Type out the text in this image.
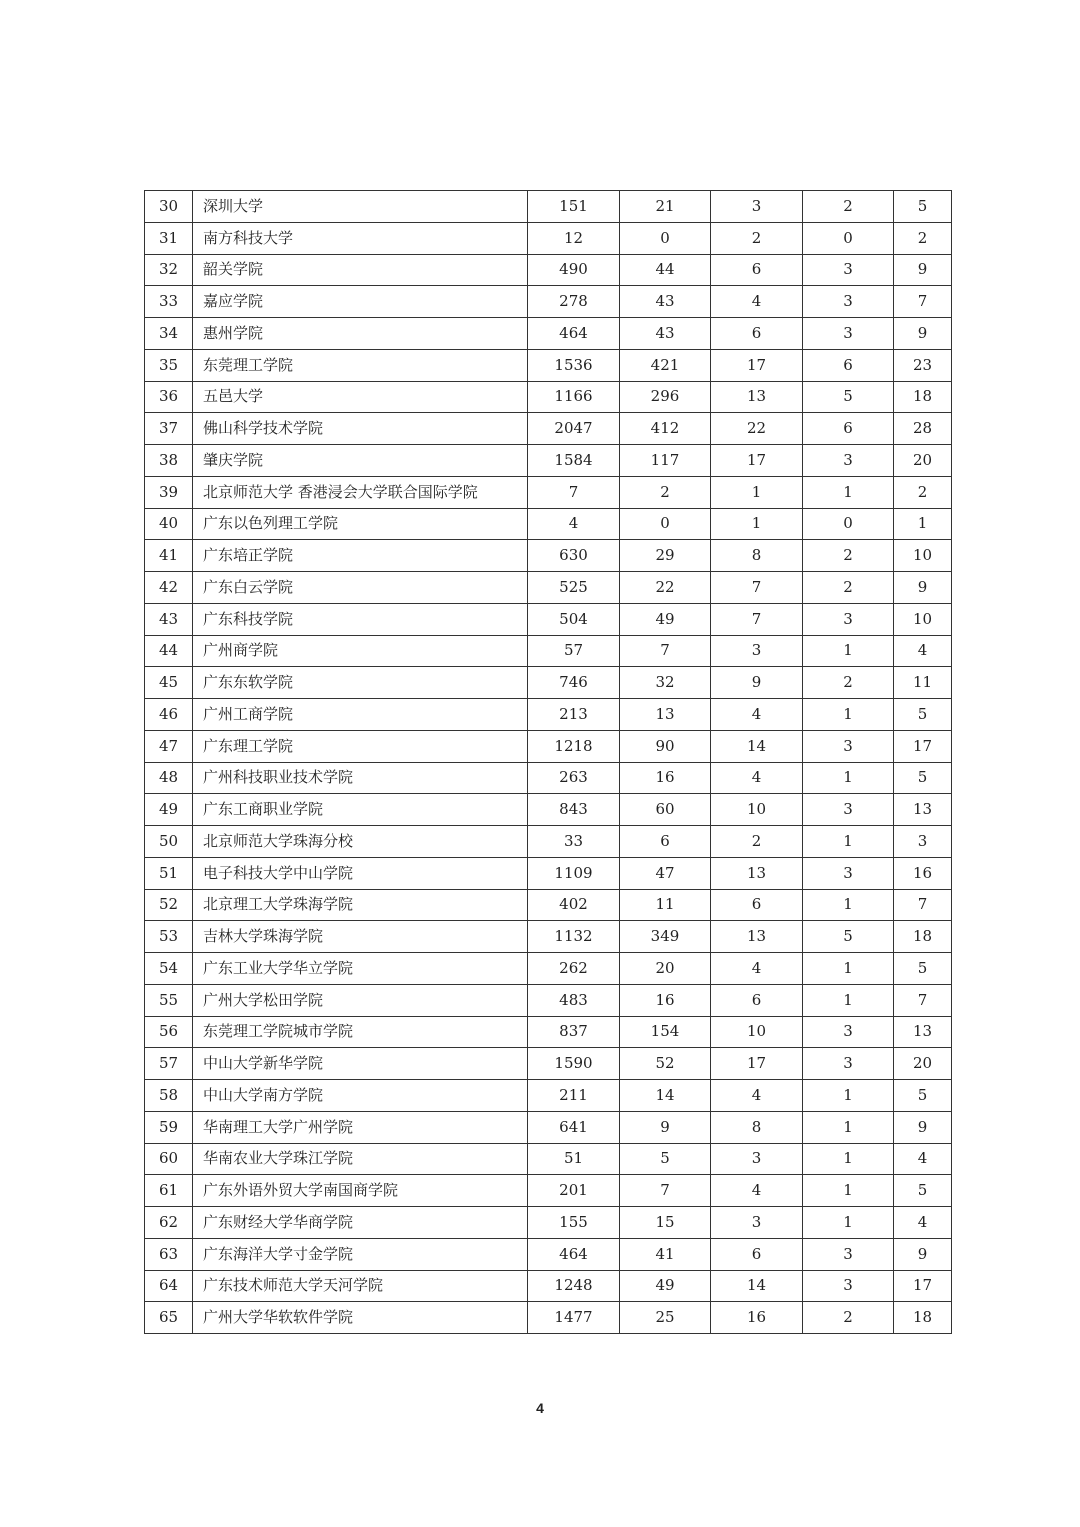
30	深圳大学	151	21	3	2	5
31	南方科技大学	12	0	2	0	2
32	韶关学院	490	44	6	3	9
33	嘉应学院	278	43	4	3	7
34	惠州学院	464	43	6	3	9
35	东莞理工学院	1536	421	17	6	23
36	五邑大学	1166	296	13	5	18
37	佛山科学技术学院	2047	412	22	6	28
38	肇庆学院	1584	117	17	3	20
39	北京师范大学 香港浸会大学联合国际学院	7	2	1	1	2
40	广东以色列理工学院	4	0	1	0	1
41	广东培正学院	630	29	8	2	10
42	广东白云学院	525	22	7	2	9
43	广东科技学院	504	49	7	3	10
44	广州商学院	57	7	3	1	4
45	广东东软学院	746	32	9	2	11
46	广州工商学院	213	13	4	1	5
47	广东理工学院	1218	90	14	3	17
48	广州科技职业技术学院	263	16	4	1	5
49	广东工商职业学院	843	60	10	3	13
50	北京师范大学珠海分校	33	6	2	1	3
51	电子科技大学中山学院	1109	47	13	3	16
52	北京理工大学珠海学院	402	11	6	1	7
53	吉林大学珠海学院	1132	349	13	5	18
54	广东工业大学华立学院	262	20	4	1	5
55	广州大学松田学院	483	16	6	1	7
56	东莞理工学院城市学院	837	154	10	3	13
57	中山大学新华学院	1590	52	17	3	20
58	中山大学南方学院	211	14	4	1	5
59	华南理工大学广州学院	641	9	8	1	9
60	华南农业大学珠江学院	51	5	3	1	4
61	广东外语外贸大学南国商学院	201	7	4	1	5
62	广东财经大学华商学院	155	15	3	1	4
63	广东海洋大学寸金学院	464	41	6	3	9
64	广东技术师范大学天河学院	1248	49	14	3	17
65	广州大学华软软件学院	1477	25	16	2	18
4
